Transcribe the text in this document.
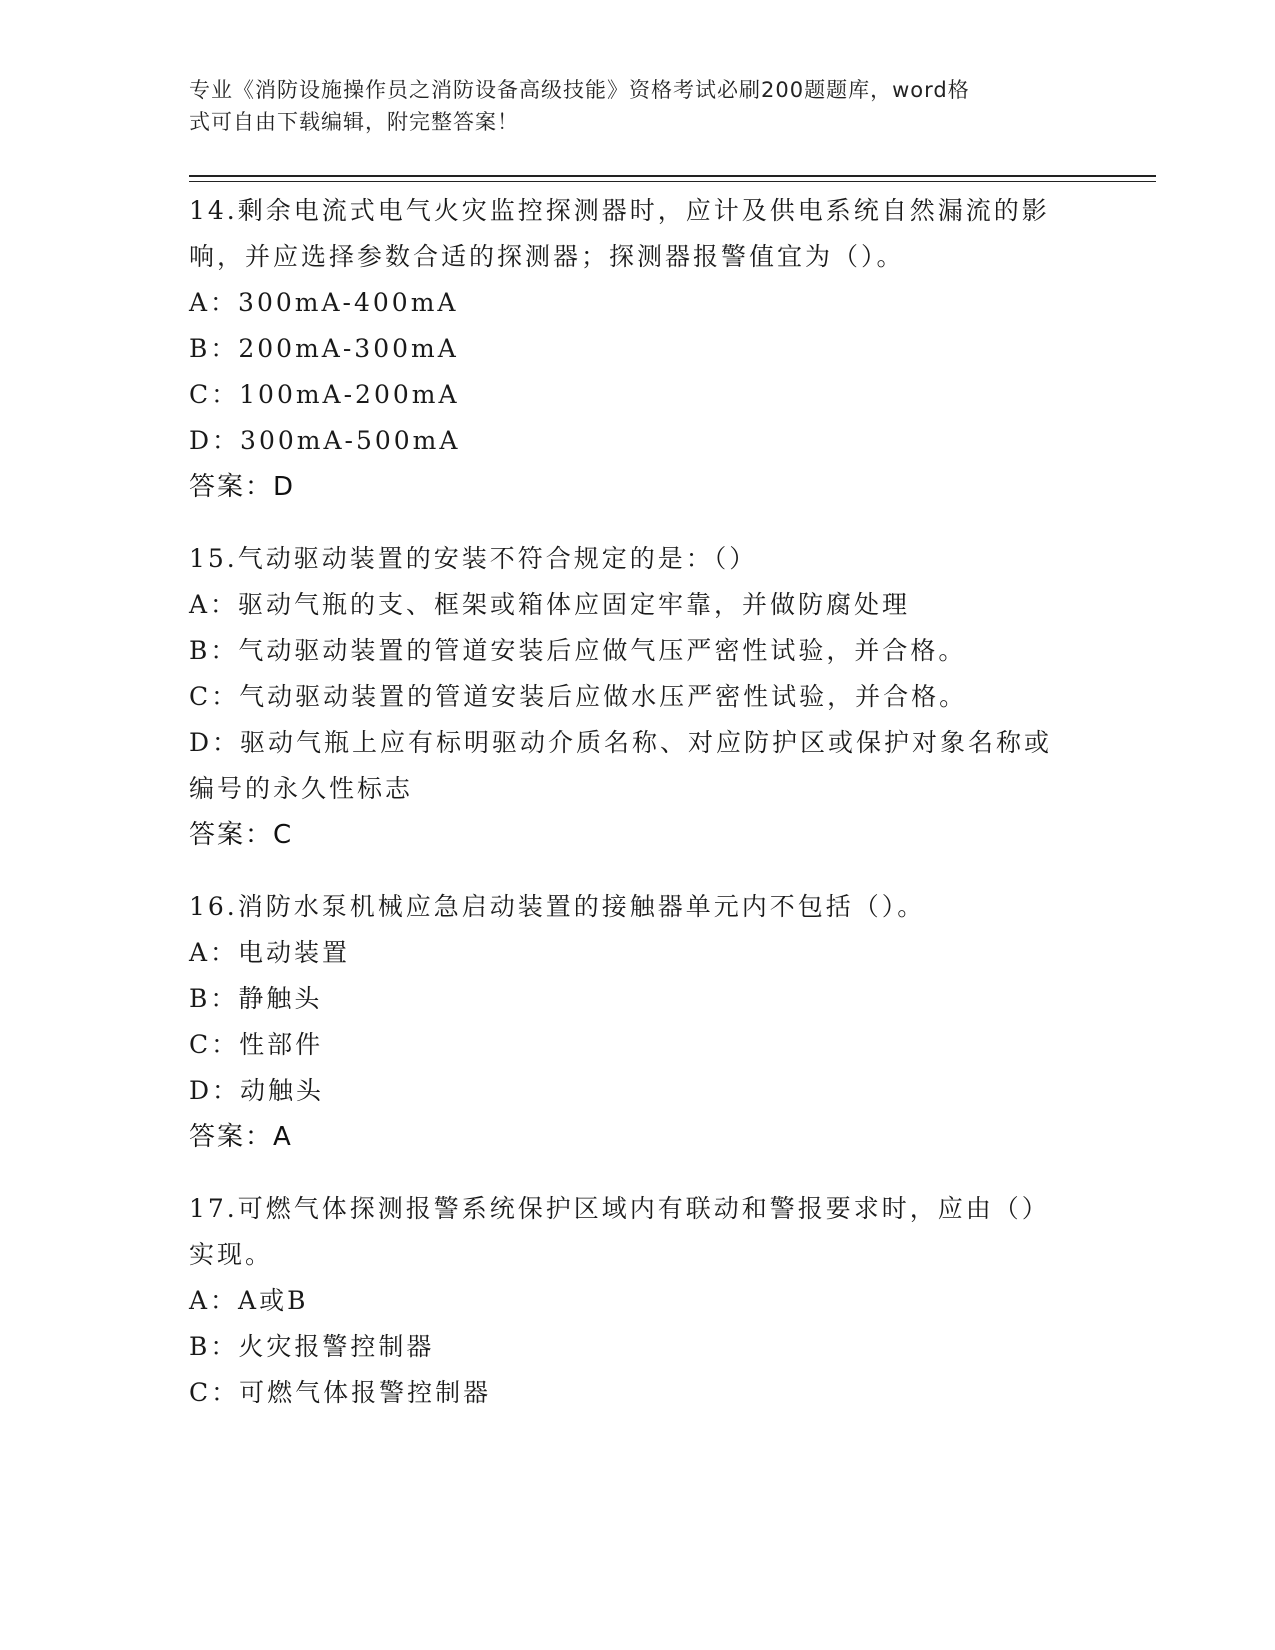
专业《消防设施操作员之消防设备高级技能》资格考试必刷200题题库，word格
式可自由下载编辑，附完整答案！
14.剩余电流式电气火灾监控探测器时，应计及供电系统自然漏流的影
响，并应选择参数合适的探测器；探测器报警值宜为（）。
A：300mA-400mA
B：200mA-300mA
C：100mA-200mA
D：300mA-500mA
答案：D
15.气动驱动装置的安装不符合规定的是：（）
A：驱动气瓶的支、框架或箱体应固定牢靠，并做防腐处理
B：气动驱动装置的管道安装后应做气压严密性试验，并合格。
C：气动驱动装置的管道安装后应做水压严密性试验，并合格。
D：驱动气瓶上应有标明驱动介质名称、对应防护区或保护对象名称或
编号的永久性标志
答案：C
16.消防水泵机械应急启动装置的接触器单元内不包括（）。
A：电动装置
B：静触头
C：性部件
D：动触头
答案：A
17.可燃气体探测报警系统保护区域内有联动和警报要求时，应由（）
实现。
A：A或B
B：火灾报警控制器
C：可燃气体报警控制器
